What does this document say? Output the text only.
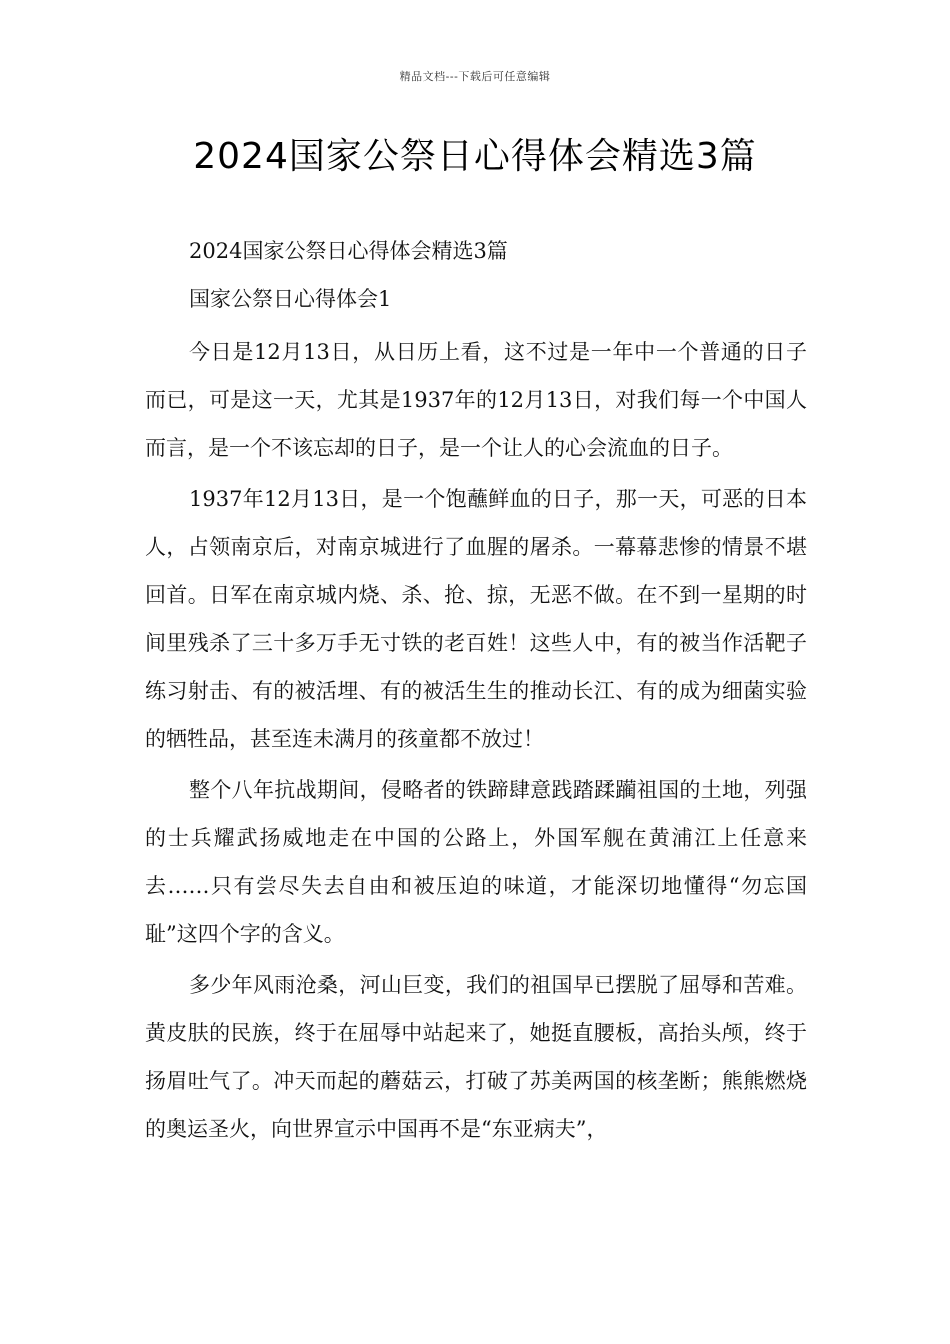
精品文档---下载后可任意编辑
2024国家公祭日心得体会精选3篇

2024国家公祭日心得体会精选3篇

国家公祭日心得体会1

今日是12月13日，从日历上看，这不过是一年中一个普通的日子而已，可是这一天，尤其是1937年的12月13日，对我们每一个中国人而言，是一个不该忘却的日子，是一个让人的心会流血的日子。

1937年12月13日，是一个饱蘸鲜血的日子，那一天，可恶的日本人，占领南京后，对南京城进行了血腥的屠杀。一幕幕悲惨的情景不堪回首。日军在南京城内烧、杀、抢、掠，无恶不做。在不到一星期的时间里残杀了三十多万手无寸铁的老百姓！这些人中，有的被当作活靶子练习射击、有的被活埋、有的被活生生的推动长江、有的成为细菌实验的牺牲品，甚至连未满月的孩童都不放过！

整个八年抗战期间，侵略者的铁蹄肆意践踏蹂躏祖国的土地，列强的士兵耀武扬威地走在中国的公路上，外国军舰在黄浦江上任意来去……只有尝尽失去自由和被压迫的味道，才能深切地懂得“勿忘国耻”这四个字的含义。

多少年风雨沧桑，河山巨变，我们的祖国早已摆脱了屈辱和苦难。黄皮肤的民族，终于在屈辱中站起来了，她挺直腰板，高抬头颅，终于扬眉吐气了。冲天而起的蘑菇云，打破了苏美两国的核垄断；熊熊燃烧的奥运圣火，向世界宣示中国再不是“东亚病夫”，
